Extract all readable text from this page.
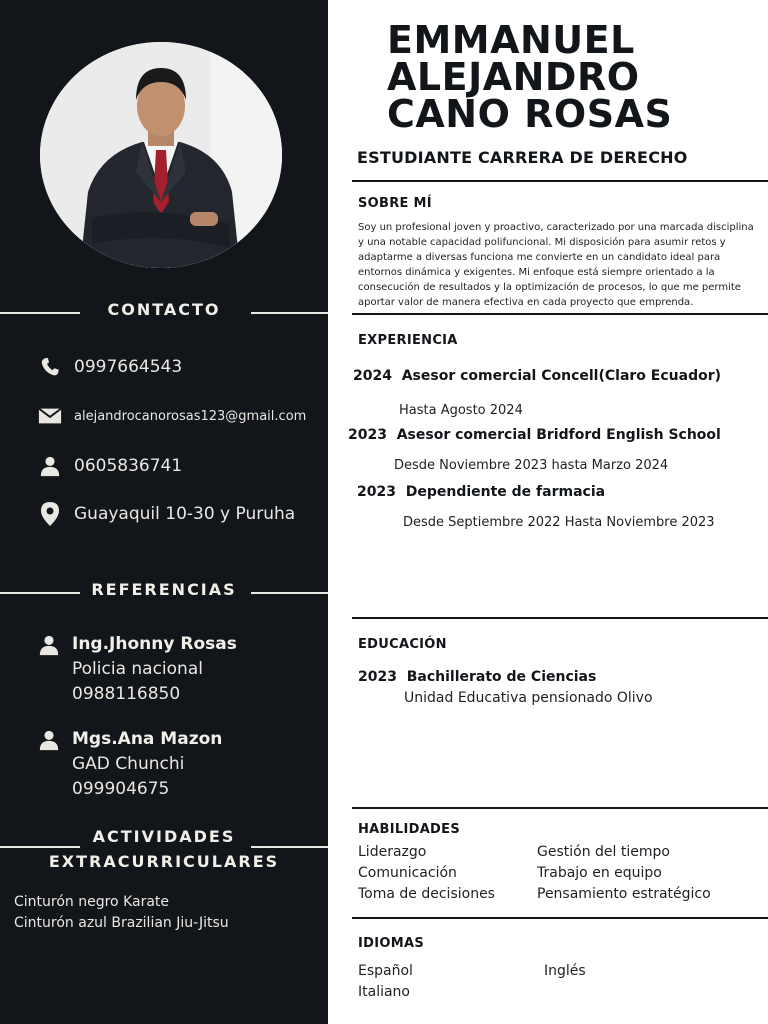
CONTACTO
0997664543
alejandrocanorosas123@gmail.com
0605836741
Guayaquil 10-30 y Puruha
REFERENCIAS
Ing.Jhonny Rosas
Policia nacional
0988116850
Mgs.Ana Mazon
GAD Chunchi
099904675
ACTIVIDADES
EXTRACURRICULARES
Cinturón negro Karate
Cinturón azul Brazilian Jiu-Jitsu
EMMANUEL
ALEJANDRO
CANO ROSAS
ESTUDIANTE CARRERA DE DERECHO
SOBRE MÍ
Soy un profesional joven y proactivo, caracterizado por una marcada disciplina y una notable capacidad polifuncional. Mi disposición para asumir retos y adaptarme a diversas funciona me convierte en un candidato ideal para entornos dinámica y exigentes. Mi enfoque está siempre orientado a la consecución de resultados y la optimización de procesos, lo que me permite aportar valor de manera efectiva en cada proyecto que emprenda.
EXPERIENCIA
2024 Asesor comercial Concell(Claro Ecuador)
Hasta Agosto 2024
2023 Asesor comercial Bridford English School
Desde Noviembre 2023 hasta Marzo 2024
2023 Dependiente de farmacia
Desde Septiembre 2022 Hasta Noviembre 2023
EDUCACIÓN
2023 Bachillerato de Ciencias
Unidad Educativa pensionado Olivo
HABILIDADES
Liderazgo
Comunicación
Toma de decisiones
Gestión del tiempo
Trabajo en equipo
Pensamiento estratégico
IDIOMAS
Español	Inglés
Italiano
